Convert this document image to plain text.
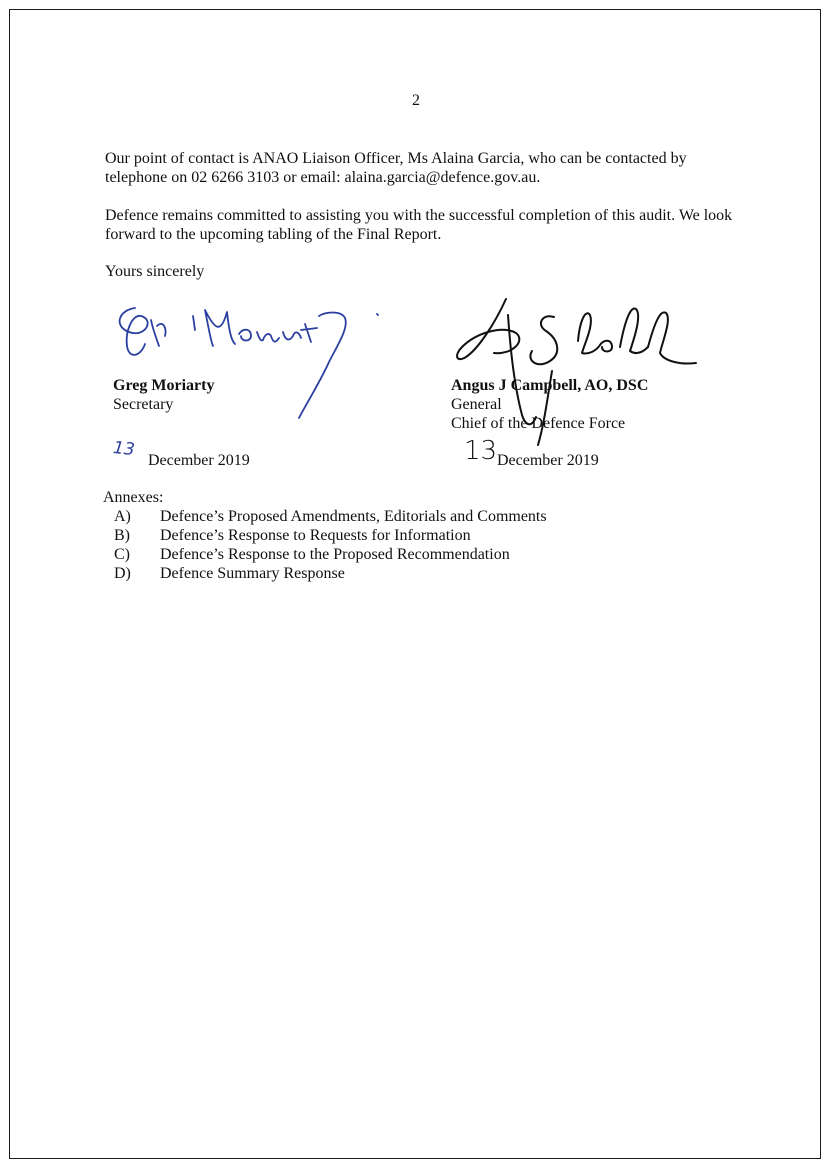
2
Our point of contact is ANAO Liaison Officer, Ms Alaina Garcia, who can be contacted by telephone on 02 6266 3103 or email: alaina.garcia@defence.gov.au.
Defence remains committed to assisting you with the successful completion of this audit. We look forward to the upcoming tabling of the Final Report.
Yours sincerely
Greg Moriarty
Secretary
Angus J Campbell, AO, DSC
General
Chief of the Defence Force
13
December 2019	13 December 2019
Annexes:
A) Defence’s Proposed Amendments, Editorials and Comments
B) Defence’s Response to Requests for Information
C) Defence’s Response to the Proposed Recommendation
D) Defence Summary Response
